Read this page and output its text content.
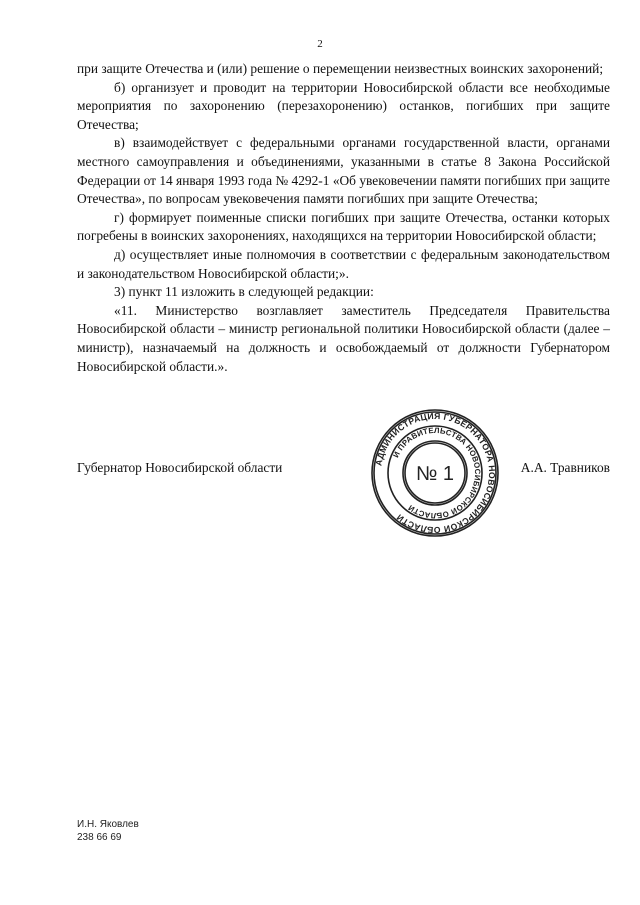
2

при защите Отечества и (или) решение о перемещении неизвестных воинских захоронений;

б) организует и проводит на территории Новосибирской области все необходимые мероприятия по захоронению (перезахоронению) останков, погибших при защите Отечества;

в) взаимодействует с федеральными органами государственной власти, органами местного самоуправления и объединениями, указанными в статье 8 Закона Российской Федерации от 14 января 1993 года № 4292-1 «Об увековечении памяти погибших при защите Отечества», по вопросам увековечения памяти погибших при защите Отечества;

г) формирует поименные списки погибших при защите Отечества, останки которых погребены в воинских захоронениях, находящихся на территории Новосибирской области;

д) осуществляет иные полномочия в соответствии с федеральным законодательством и законодательством Новосибирской области;».

3) пункт 11 изложить в следующей редакции:

«11. Министерство возглавляет заместитель Председателя Правительства Новосибирской области – министр региональной политики Новосибирской области (далее – министр), назначаемый на должность и освобождаемый от должности Губернатором Новосибирской области.».

Губернатор Новосибирской области	А.А. Травников
АДМИНИСТРАЦИЯ ГУБЕРНАТОРА НОВОСИБИРСКОЙ ОБЛАСТИ
И ПРАВИТЕЛЬСТВА НОВОСИБИРСКОЙ ОБЛАСТИ
№ 1
И.Н. Яковлев
238 66 69
